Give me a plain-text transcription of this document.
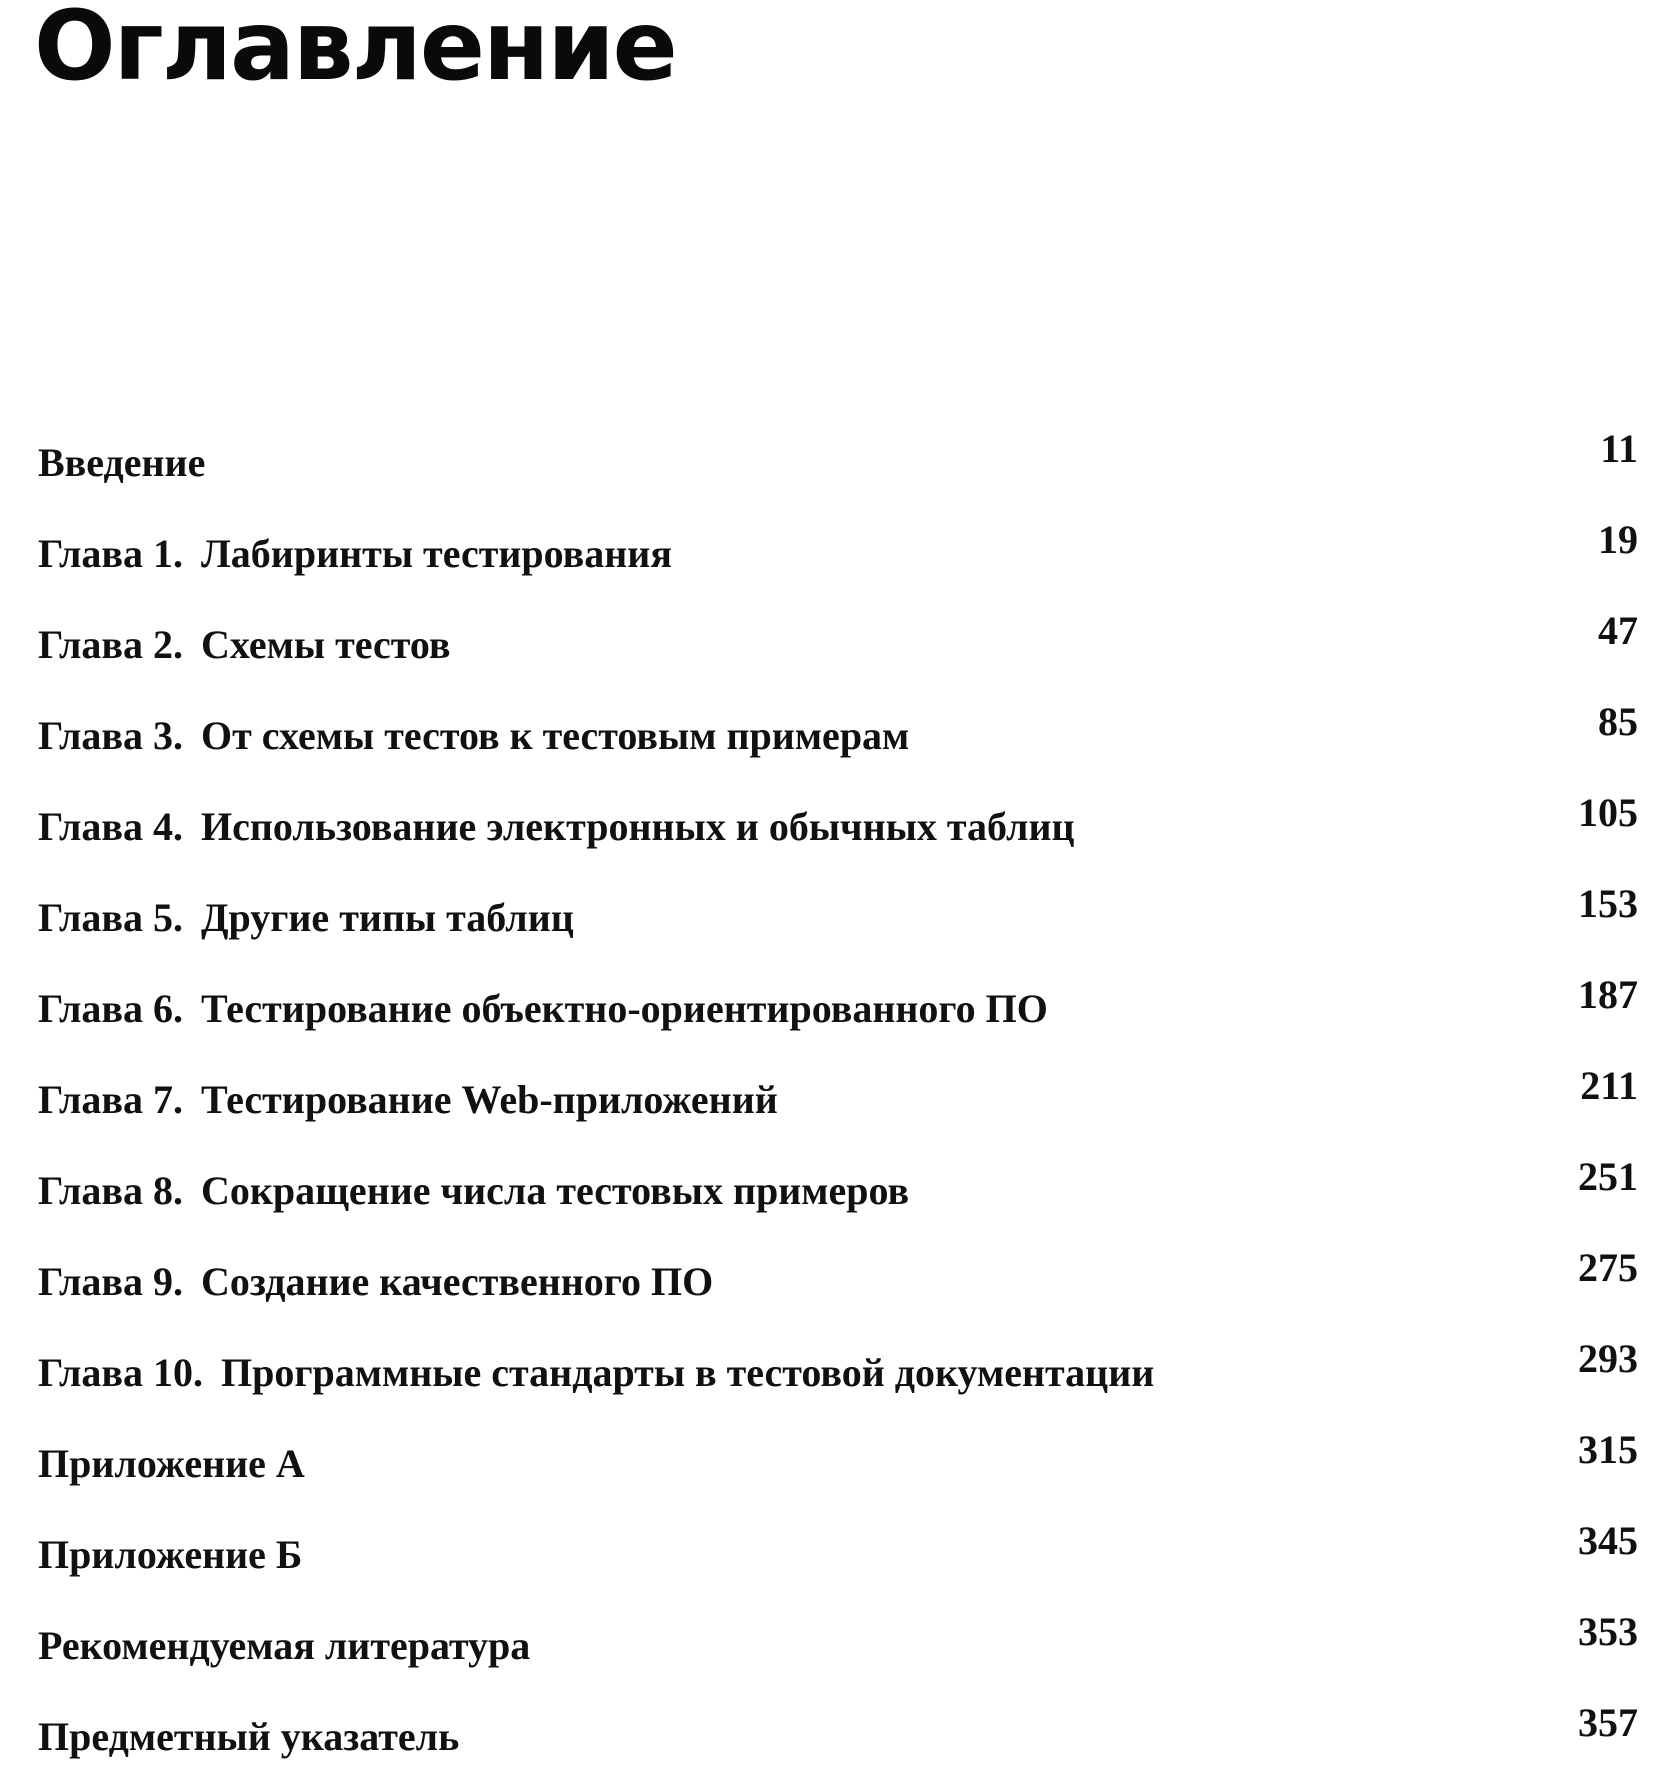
Оглавление
Введение	11
Глава 1. Лабиринты тестирования	19
Глава 2. Схемы тестов	47
Глава 3. От схемы тестов к тестовым примерам	85
Глава 4. Использование электронных и обычных таблиц	105
Глава 5. Другие типы таблиц	153
Глава 6. Тестирование объектно-ориентированного ПО	187
Глава 7. Тестирование Web-приложений	211
Глава 8. Сокращение числа тестовых примеров	251
Глава 9. Создание качественного ПО	275
Глава 10. Программные стандарты в тестовой документации	293
Приложение А	315
Приложение Б	345
Рекомендуемая литература	353
Предметный указатель	357
